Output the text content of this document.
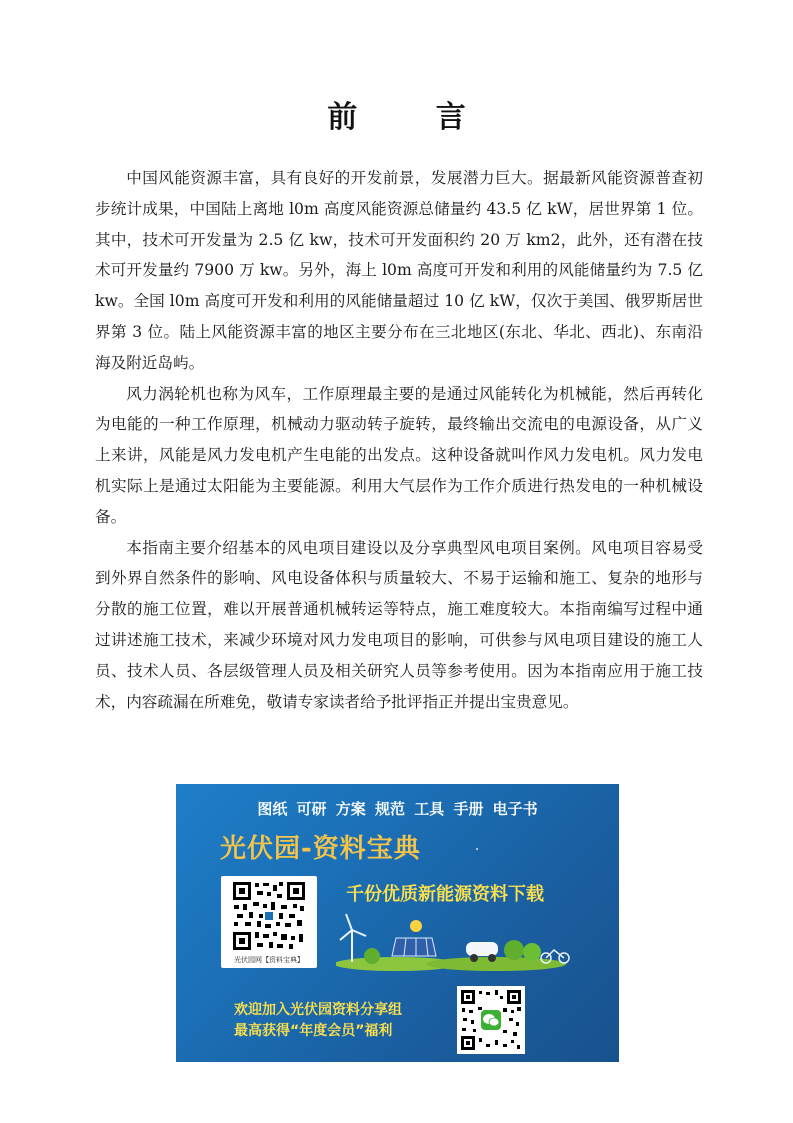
前 言

中国风能资源丰富，具有良好的开发前景，发展潜力巨大。据最新风能资源普查初步统计成果，中国陆上离地 l0m 高度风能资源总储量约 43.5 亿 kW，居世界第 1 位。其中，技术可开发量为 2.5 亿 kw，技术可开发面积约 20 万 km2，此外，还有潜在技术可开发量约 7900 万 kw。另外，海上 l0m 高度可开发和利用的风能储量约为 7.5 亿 kw。全国 l0m 高度可开发和利用的风能储量超过 10 亿 kW，仅次于美国、俄罗斯居世界第 3 位。陆上风能资源丰富的地区主要分布在三北地区(东北、华北、西北)、东南沿海及附近岛屿。

风力涡轮机也称为风车，工作原理最主要的是通过风能转化为机械能，然后再转化为电能的一种工作原理，机械动力驱动转子旋转，最终输出交流电的电源设备，从广义上来讲，风能是风力发电机产生电能的出发点。这种设备就叫作风力发电机。风力发电机实际上是通过太阳能为主要能源。利用大气层作为工作介质进行热发电的一种机械设备。

本指南主要介绍基本的风电项目建设以及分享典型风电项目案例。风电项目容易受到外界自然条件的影响、风电设备体积与质量较大、不易于运输和施工、复杂的地形与分散的施工位置，难以开展普通机械转运等特点，施工难度较大。本指南编写过程中通过讲述施工技术，来减少环境对风力发电项目的影响，可供参与风电项目建设的施工人员、技术人员、各层级管理人员及相关研究人员等参考使用。因为本指南应用于施工技术，内容疏漏在所难免，敬请专家读者给予批评指正并提出宝贵意见。

图纸 可研 方案 规范 工具 手册 电子书
光伏园-资料宝典
光伏园网【资料宝典】
千份优质新能源资料下载
欢迎加入光伏园资料分享组
最高获得“年度会员”福利
